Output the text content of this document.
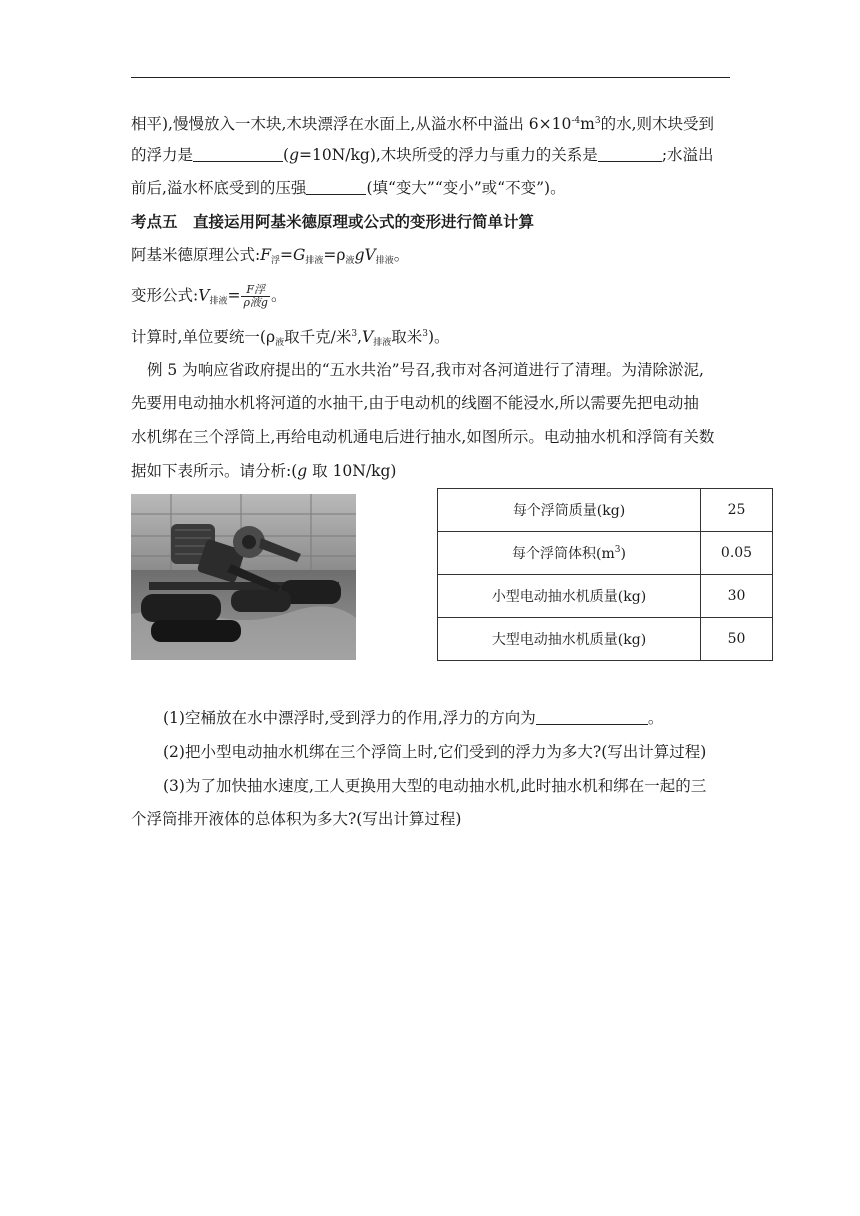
相平),慢慢放入一木块,木块漂浮在水面上,从溢水杯中溢出 $6\times 10^{-4}m^3$的水,则木块受到
的浮力是	(g=10N/kg),木块所受的浮力与重力的关系是	;水溢出
前后,溢水杯底受到的压强	(填“变大”“变小”或“不变”)。
考点五　直接运用阿基米德原理或公式的变形进行简单计算
阿基米德原理公式$:F_浮=G_{排液}=\rho_液gV_{排液}$。
变形公式$:V_{排液}= \frac{\text{F浮}}{\text{ρ液g}}$ 。
计算时,单位要统一($\rho_液$取千克/米$^3,V_{排液}$取米$^3$)。
例 5 为响应省政府提出的“五水共治”号召,我市对各河道进行了清理。为清除淤泥,
先要用电动抽水机将河道的水抽干,由于电动机的线圈不能浸水,所以需要先把电动抽
水机绑在三个浮筒上,再给电动机通电后进行抽水,如图所示。电动抽水机和浮筒有关数
据如下表所示。请分析:(g 取 10N/kg)
每个浮筒质量(kg)	25
每个浮筒体积$(m^3)$	0.05
小型电动抽水机质量(kg)	30
大型电动抽水机质量(kg)	50
(1)空桶放在水中漂浮时,受到浮力的作用,浮力的方向为	。
(2)把小型电动抽水机绑在三个浮筒上时,它们受到的浮力为多大?(写出计算过程)
(3)为了加快抽水速度,工人更换用大型的电动抽水机,此时抽水机和绑在一起的三
个浮筒排开液体的总体积为多大?(写出计算过程)
